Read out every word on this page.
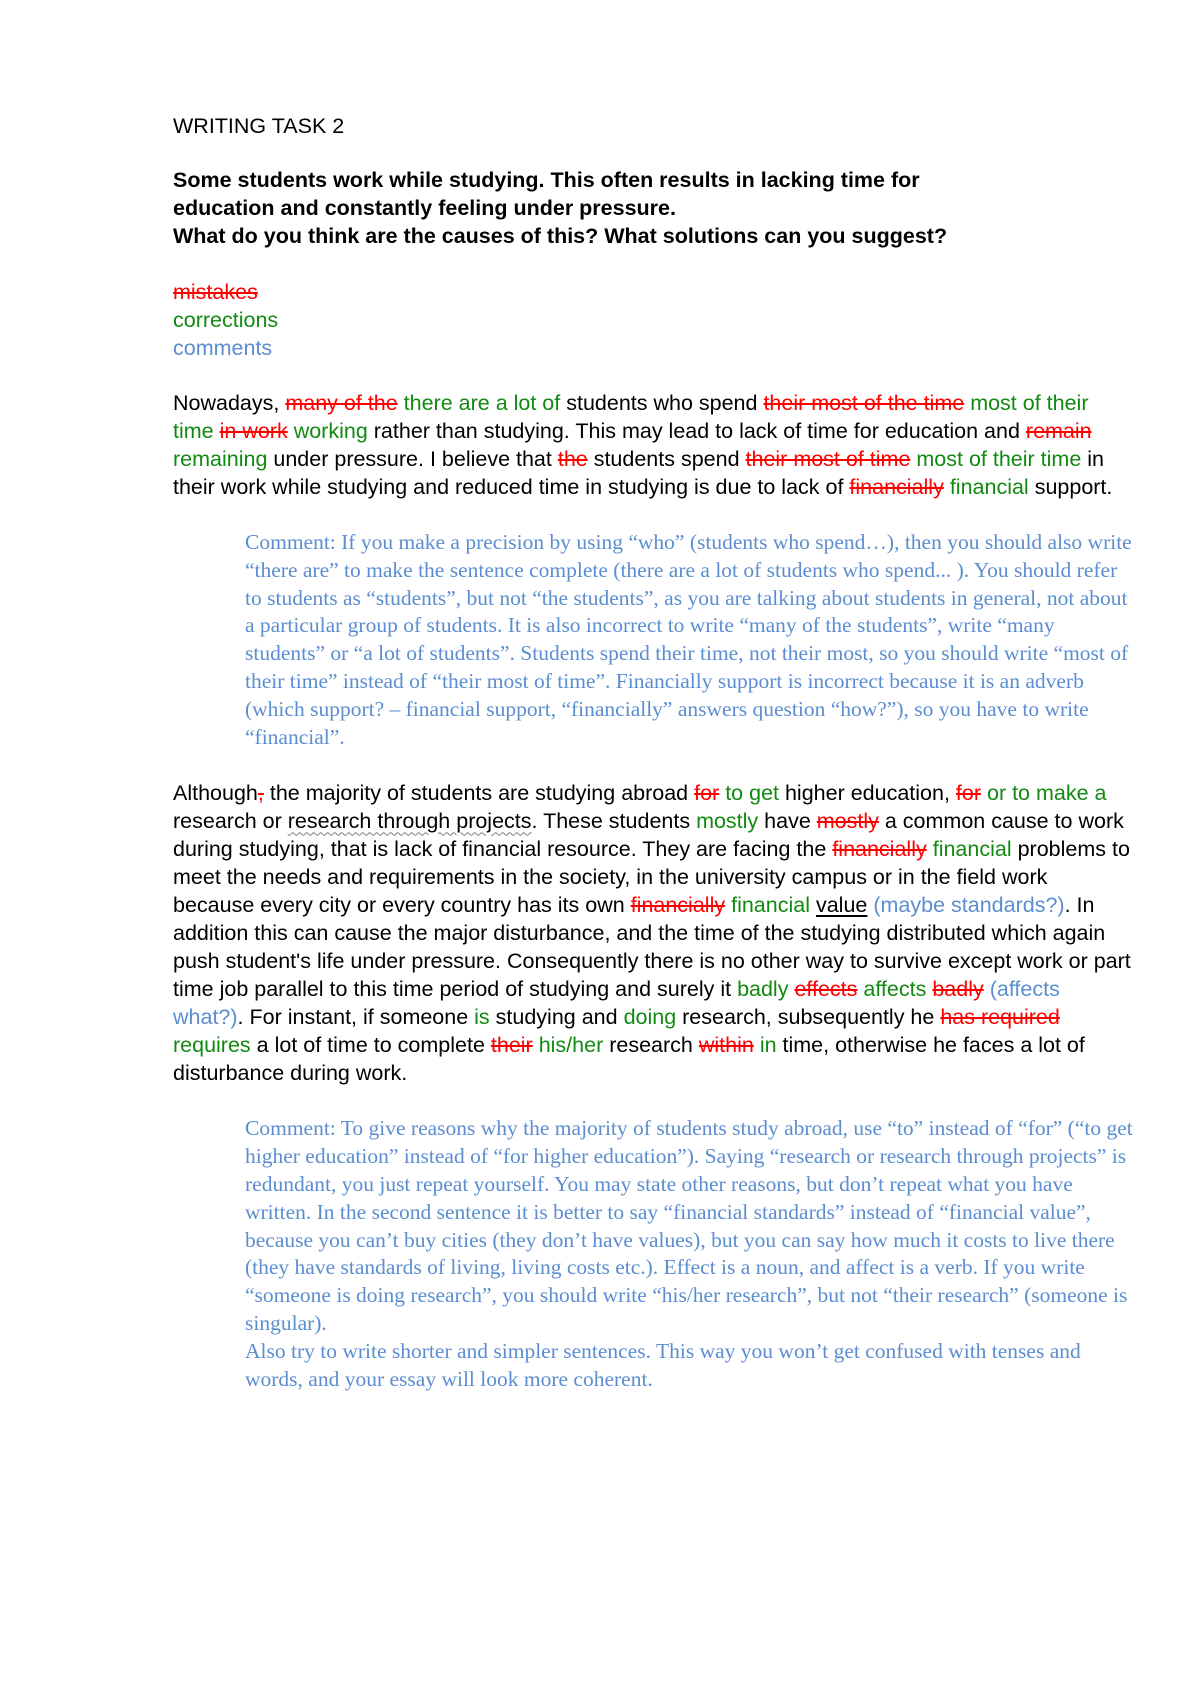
WRITING TASK 2
Some students work while studying. This often results in lacking time for
education and constantly feeling under pressure.
What do you think are the causes of this? What solutions can you suggest?
mistakes
corrections
comments
Nowadays, many of the there are a lot of students who spend their most of the time most of their time in work working rather than studying. This may lead to lack of time for education and remain remaining under pressure. I believe that the students spend their most of time most of their time in their work while studying and reduced time in studying is due to lack of financially financial support.
Comment: If you make a precision by using “who” (students who spend…), then you should also write “there are” to make the sentence complete (there are a lot of students who spend... ). You should refer to students as “students”, but not “the students”, as you are talking about students in general, not about a particular group of students. It is also incorrect to write “many of the students”, write “many students” or “a lot of students”. Students spend their time, not their most, so you should write “most of their time” instead of “their most of time”. Financially support is incorrect because it is an adverb (which support? – financial support, “financially” answers question “how?”), so you have to write “financial”.
Although, the majority of students are studying abroad for to get higher education, for or to make a research or research through projects. These students mostly have mostly a common cause to work during studying, that is lack of financial resource. They are facing the financially financial problems to meet the needs and requirements in the society, in the university campus or in the field work because every city or every country has its own financially financial value (maybe standards?). In addition this can cause the major disturbance, and the time of the studying distributed which again push student's life under pressure. Consequently there is no other way to survive except work or part time job parallel to this time period of studying and surely it badly effects affects badly (affects what?). For instant, if someone is studying and doing research, subsequently he has required requires a lot of time to complete their his/her research within in time, otherwise he faces a lot of disturbance during work.
Comment: To give reasons why the majority of students study abroad, use “to” instead of “for” (“to get higher education” instead of “for higher education”). Saying “research or research through projects” is redundant, you just repeat yourself. You may state other reasons, but don’t repeat what you have written. In the second sentence it is better to say “financial standards” instead of “financial value”, because you can’t buy cities (they don’t have values), but you can say how much it costs to live there (they have standards of living, living costs etc.). Effect is a noun, and affect is a verb. If you write “someone is doing research”, you should write “his/her research”, but not “their research” (someone is singular).
Also try to write shorter and simpler sentences. This way you won’t get confused with tenses and words, and your essay will look more coherent.
